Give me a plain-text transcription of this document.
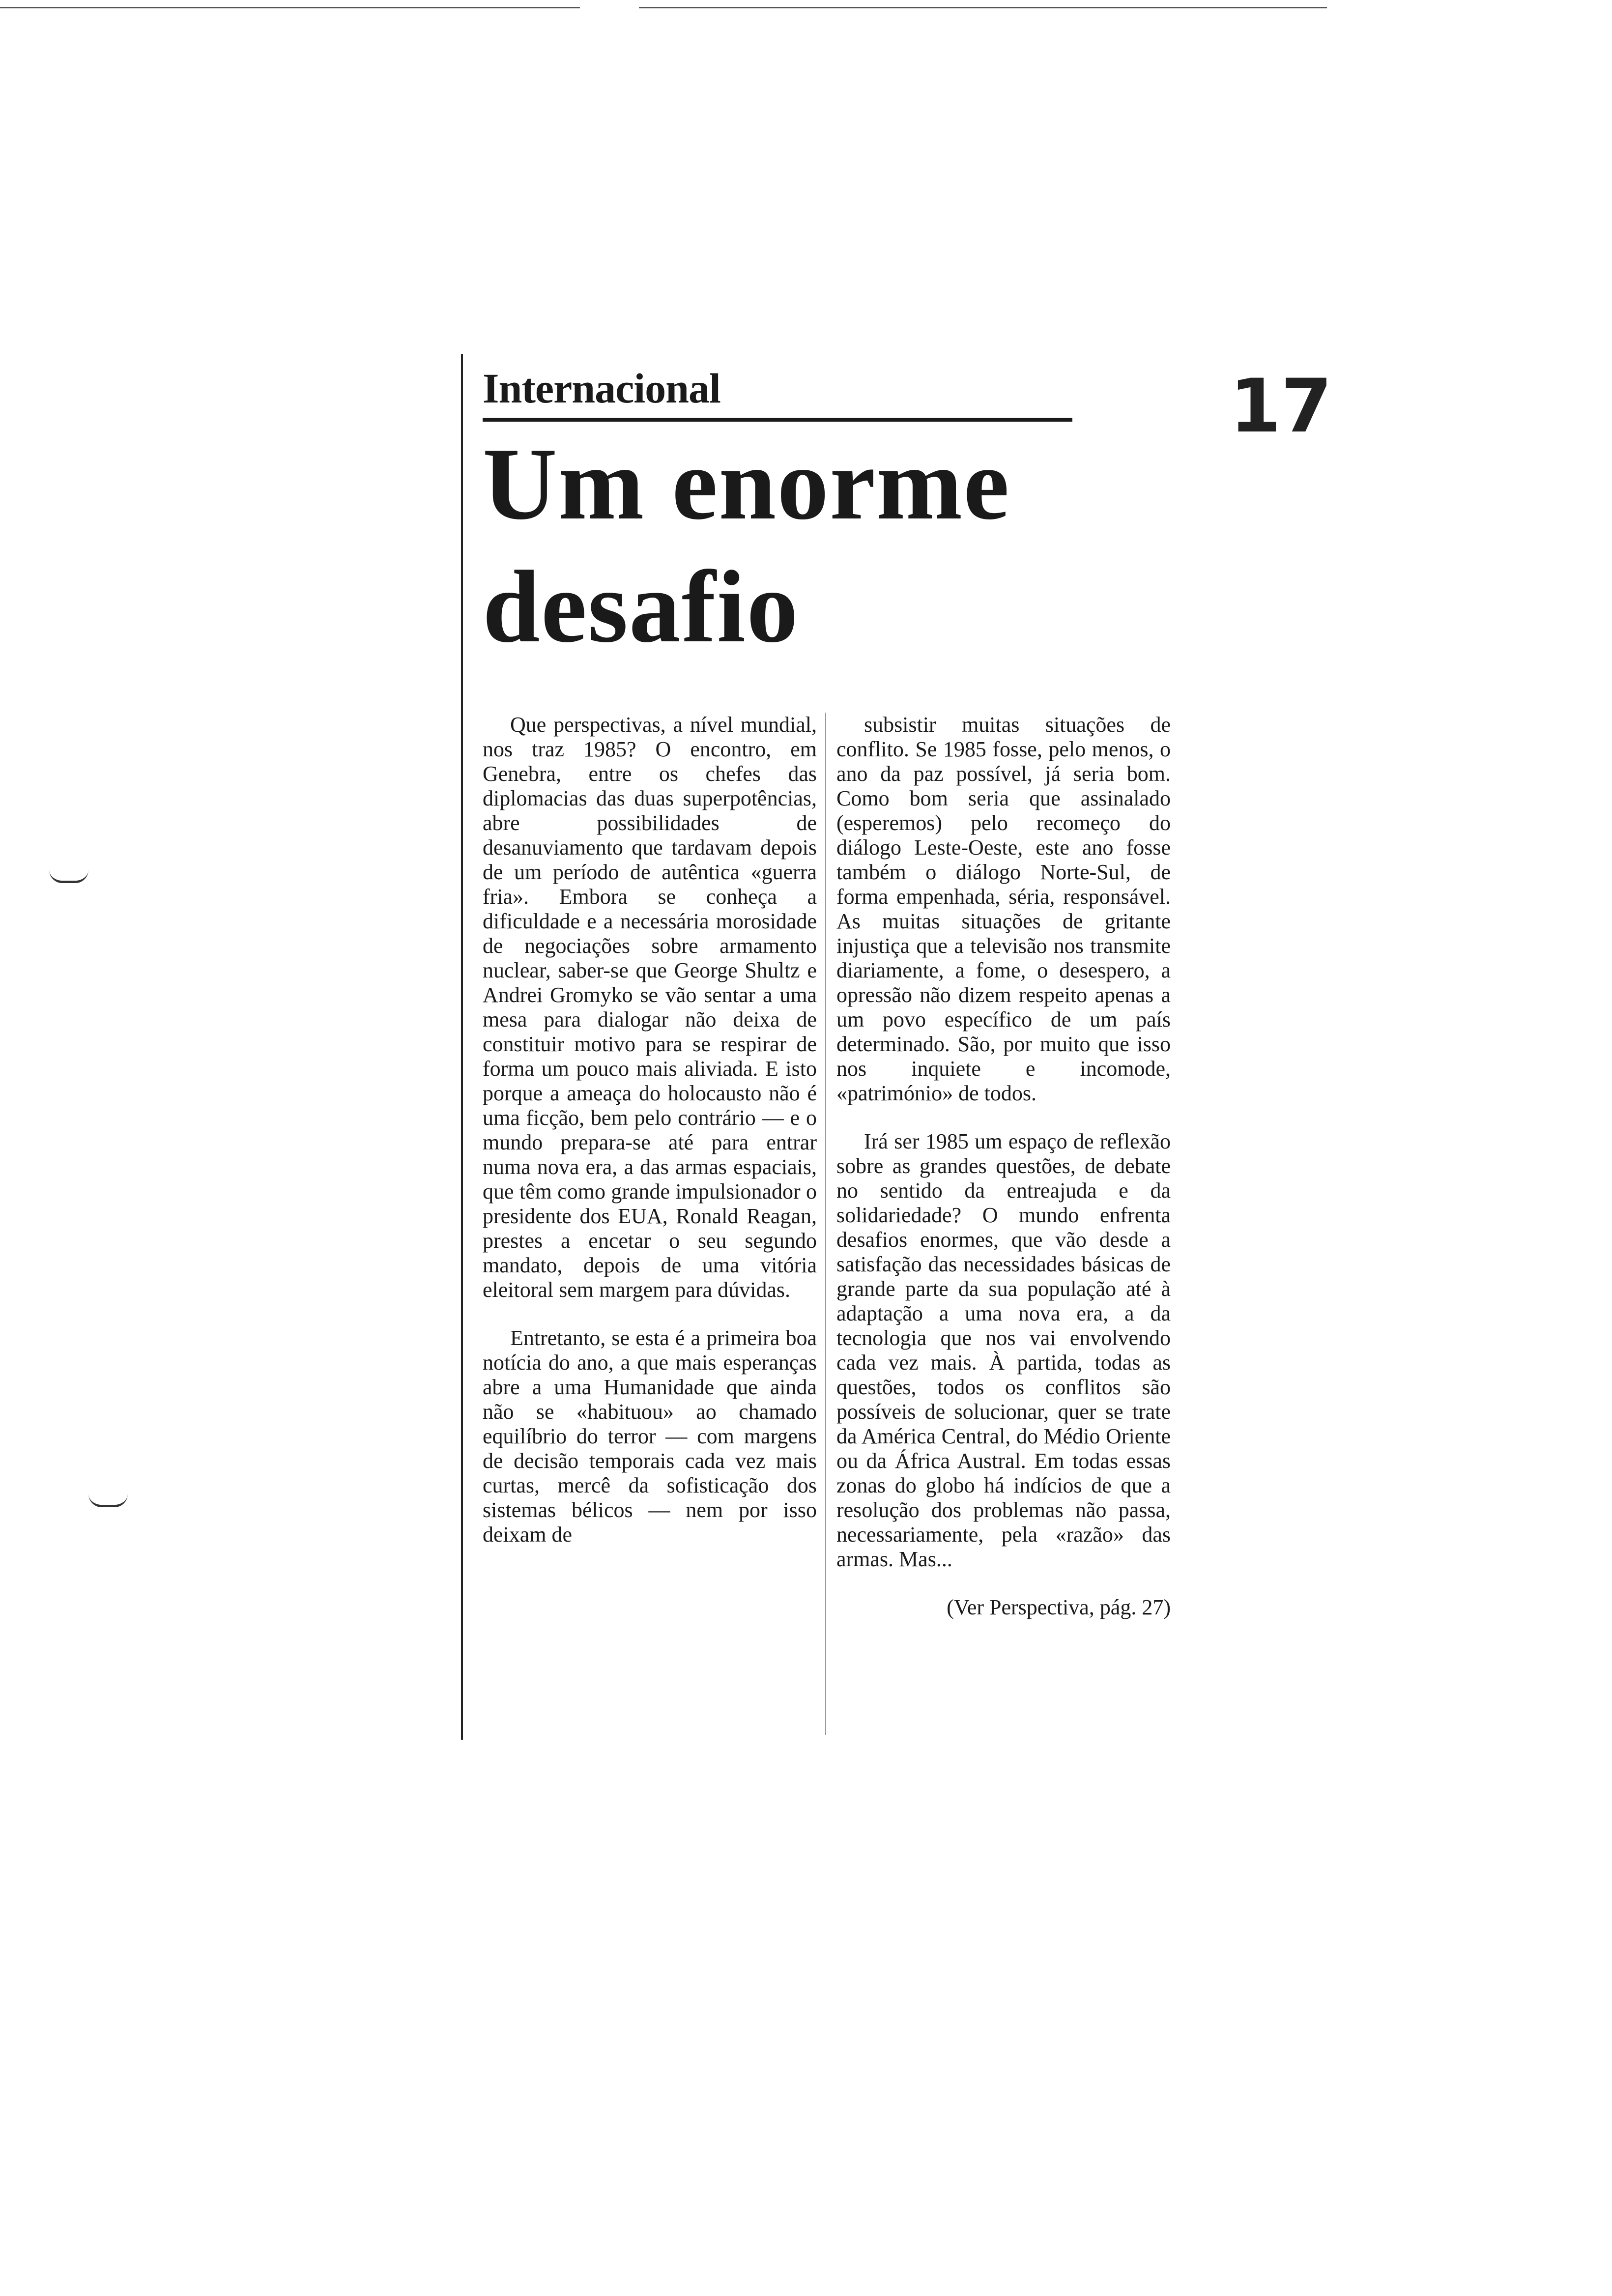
Internacional	17
Um enorme desafio

Que perspectivas, a nível mundial, nos traz 1985? O encontro, em Genebra, entre os chefes das diplomacias das duas superpotências, abre possibilidades de desanuviamento que tardavam depois de um período de autêntica «guerra fria». Embora se conheça a dificuldade e a necessária morosidade de negociações sobre armamento nuclear, saber-se que George Shultz e Andrei Gromyko se vão sentar a uma mesa para dialogar não deixa de constituir motivo para se respirar de forma um pouco mais aliviada. E isto porque a ameaça do holocausto não é uma ficção, bem pelo contrário — e o mundo prepara-se até para entrar numa nova era, a das armas espaciais, que têm como grande impulsionador o presidente dos EUA, Ronald Reagan, prestes a encetar o seu segundo mandato, depois de uma vitória eleitoral sem margem para dúvidas.

Entretanto, se esta é a primeira boa notícia do ano, a que mais esperanças abre a uma Humanidade que ainda não se «habituou» ao chamado equilíbrio do terror — com margens de decisão temporais cada vez mais curtas, mercê da sofisticação dos sistemas bélicos — nem por isso deixam de

subsistir muitas situações de conflito. Se 1985 fosse, pelo menos, o ano da paz possível, já seria bom. Como bom seria que assinalado (esperemos) pelo recomeço do diálogo Leste-Oeste, este ano fosse também o diálogo Norte-Sul, de forma empenhada, séria, responsável. As muitas situações de gritante injustiça que a televisão nos transmite diariamente, a fome, o desespero, a opressão não dizem respeito apenas a um povo específico de um país determinado. São, por muito que isso nos inquiete e incomode, «património» de todos.

Irá ser 1985 um espaço de reflexão sobre as grandes questões, de debate no sentido da entreajuda e da solidariedade? O mundo enfrenta desafios enormes, que vão desde a satisfação das necessidades básicas de grande parte da sua população até à adaptação a uma nova era, a da tecnologia que nos vai envolvendo cada vez mais. À partida, todas as questões, todos os conflitos são possíveis de solucionar, quer se trate da América Central, do Médio Oriente ou da África Austral. Em todas essas zonas do globo há indícios de que a resolução dos problemas não passa, necessariamente, pela «razão» das armas. Mas...

(Ver Perspectiva, pág. 27)
